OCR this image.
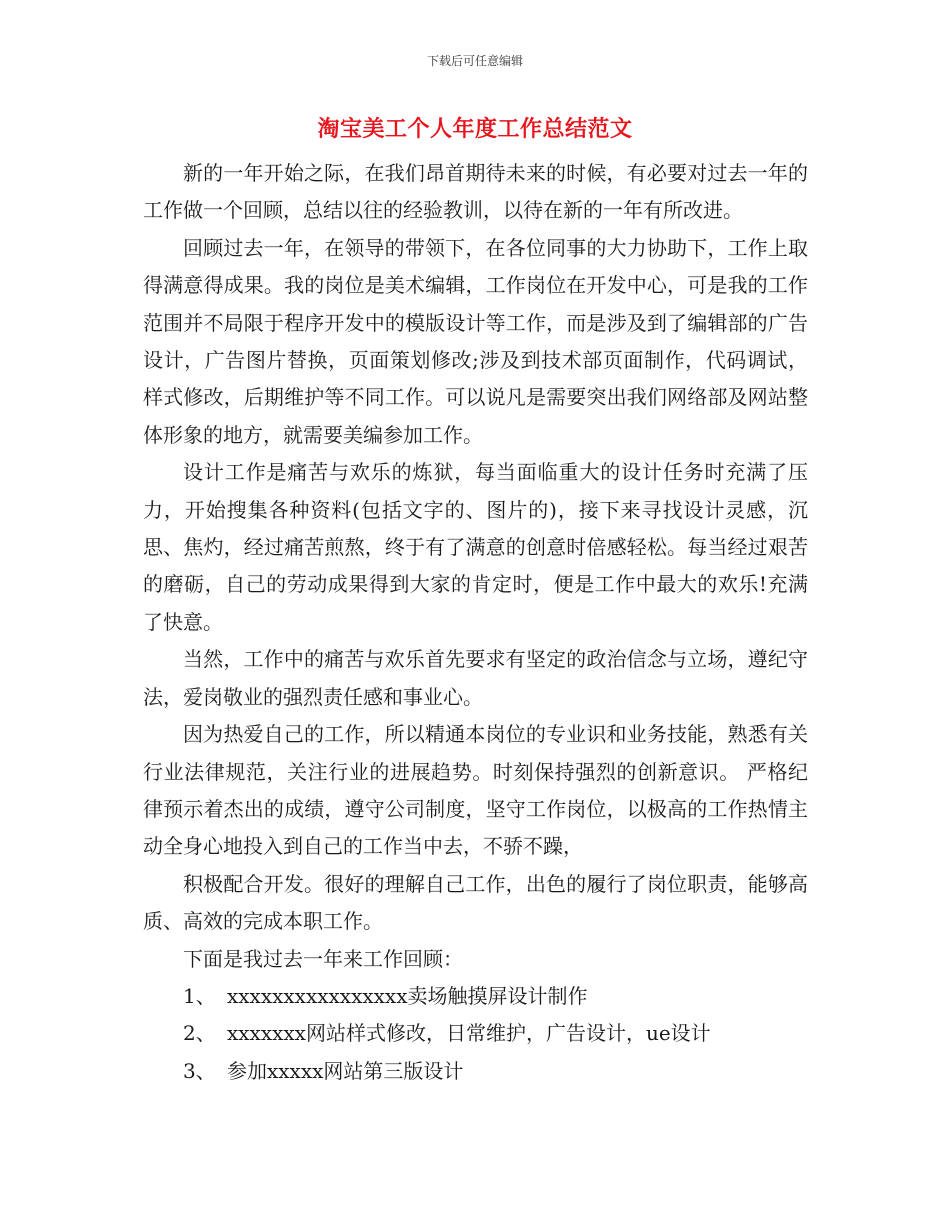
下载后可任意编辑
淘宝美工个人年度工作总结范文

新的一年开始之际，在我们昂首期待未来的时候，有必要对过去一年的工作做一个回顾，总结以往的经验教训，以待在新的一年有所改进。

回顾过去一年，在领导的带领下，在各位同事的大力协助下，工作上取得满意得成果。我的岗位是美术编辑，工作岗位在开发中心，可是我的工作范围并不局限于程序开发中的模版设计等工作，而是涉及到了编辑部的广告设计，广告图片替换，页面策划修改;涉及到技术部页面制作，代码调试，样式修改，后期维护等不同工作。可以说凡是需要突出我们网络部及网站整体形象的地方，就需要美编参加工作。

设计工作是痛苦与欢乐的炼狱，每当面临重大的设计任务时充满了压力，开始搜集各种资料(包括文字的、图片的)，接下来寻找设计灵感，沉思、焦灼，经过痛苦煎熬，终于有了满意的创意时倍感轻松。每当经过艰苦的磨砺，自己的劳动成果得到大家的肯定时，便是工作中最大的欢乐!充满了快意。

当然，工作中的痛苦与欢乐首先要求有坚定的政治信念与立场，遵纪守法，爱岗敬业的强烈责任感和事业心。

因为热爱自己的工作，所以精通本岗位的专业识和业务技能，熟悉有关行业法律规范，关注行业的进展趋势。时刻保持强烈的创新意识。 严格纪律预示着杰出的成绩，遵守公司制度，坚守工作岗位，以极高的工作热情主动全身心地投入到自己的工作当中去，不骄不躁，

积极配合开发。很好的理解自己工作，出色的履行了岗位职责，能够高质、高效的完成本职工作。

下面是我过去一年来工作回顾：

1、 xxxxxxxxxxxxxxxx卖场触摸屏设计制作
2、 xxxxxxx网站样式修改，日常维护，广告设计，ue设计
3、 参加xxxxx网站第三版设计
